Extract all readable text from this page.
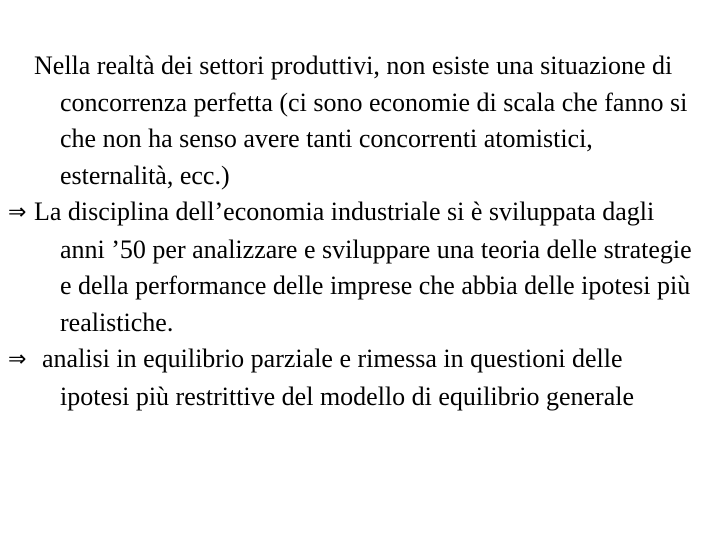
Nella realtà dei settori produttivi, non esiste una situazione di concorrenza perfetta (ci sono economie di scala che fanno si che non ha senso avere tanti concorrenti atomistici, esternalità, ecc.)

⇒ La disciplina dell’economia industriale si è sviluppata dagli anni ’50 per analizzare e sviluppare una teoria delle strategie e della performance delle imprese che abbia delle ipotesi più realistiche.

⇒ analisi in equilibrio parziale e rimessa in questioni delle ipotesi più restrittive del modello di equilibrio generale
